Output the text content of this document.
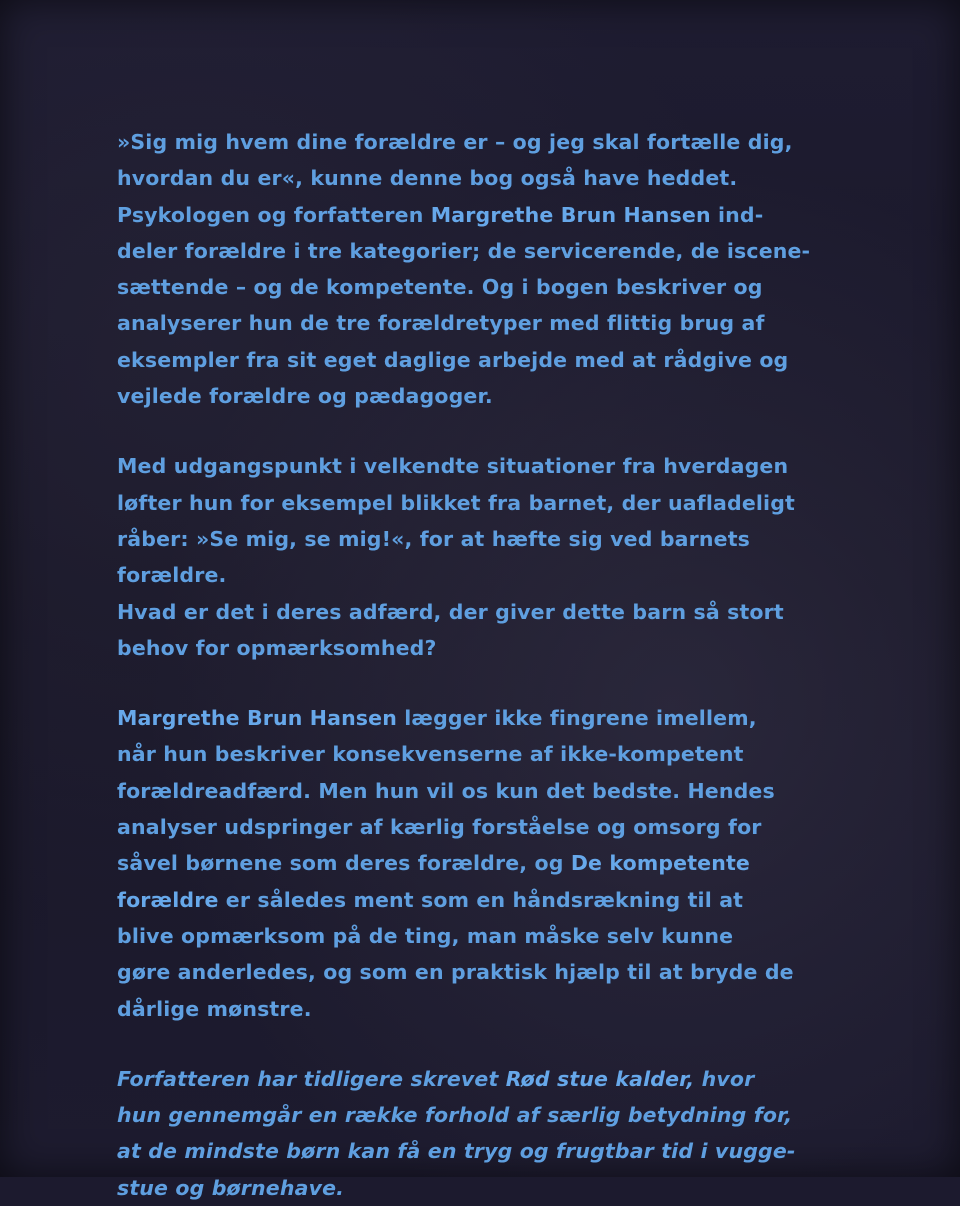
»Sig mig hvem dine forældre er – og jeg skal fortælle dig,
hvordan du er«, kunne denne bog også have heddet.
Psykologen og forfatteren Margrethe Brun Hansen ind-
deler forældre i tre kategorier; de servicerende, de iscene-
sættende – og de kompetente. Og i bogen beskriver og
analyserer hun de tre forældretyper med flittig brug af
eksempler fra sit eget daglige arbejde med at rådgive og
vejlede forældre og pædagoger.

Med udgangspunkt i velkendte situationer fra hverdagen
løfter hun for eksempel blikket fra barnet, der uafladeligt
råber: »Se mig, se mig!«, for at hæfte sig ved barnets
forældre.
Hvad er det i deres adfærd, der giver dette barn så stort
behov for opmærksomhed?

Margrethe Brun Hansen lægger ikke fingrene imellem,
når hun beskriver konsekvenserne af ikke-kompetent
forældreadfærd. Men hun vil os kun det bedste. Hendes
analyser udspringer af kærlig forståelse og omsorg for
såvel børnene som deres forældre, og De kompetente
forældre er således ment som en håndsrækning til at
blive opmærksom på de ting, man måske selv kunne
gøre anderledes, og som en praktisk hjælp til at bryde de
dårlige mønstre.

Forfatteren har tidligere skrevet Rød stue kalder, hvor
hun gennemgår en række forhold af særlig betydning for,
at de mindste børn kan få en tryg og frugtbar tid i vugge-
stue og børnehave.
